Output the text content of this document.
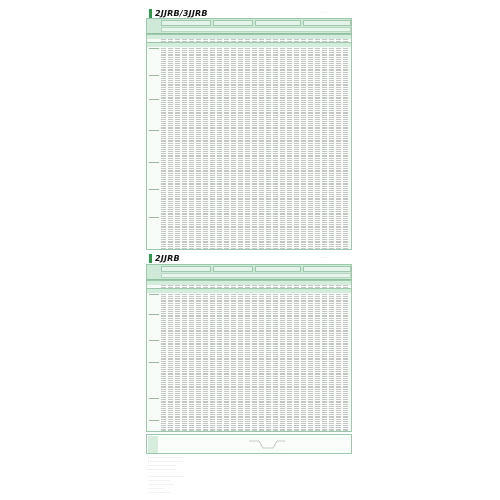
2JJRB/3JJRB	······ ·····
2JJRB	······ ·····
• ··· ········ ····· ··· ·········· ···· ······ ····· ·····
• ········ ·· ·· ····· ····· ···· ··· ······· ········
• ········· ········· ···· ····· ··· ·········
• ······· ··· ···· ······ ········ ····· ······
· ········· ····· ······ ········ ···· ······ ········ ·····
· ········· ··· ······· ····· ······
· ········· ··· ······· ··· ········ ······
· ········· ··· ······ ···
· ··· ········· ·· ······ ··· ·······
